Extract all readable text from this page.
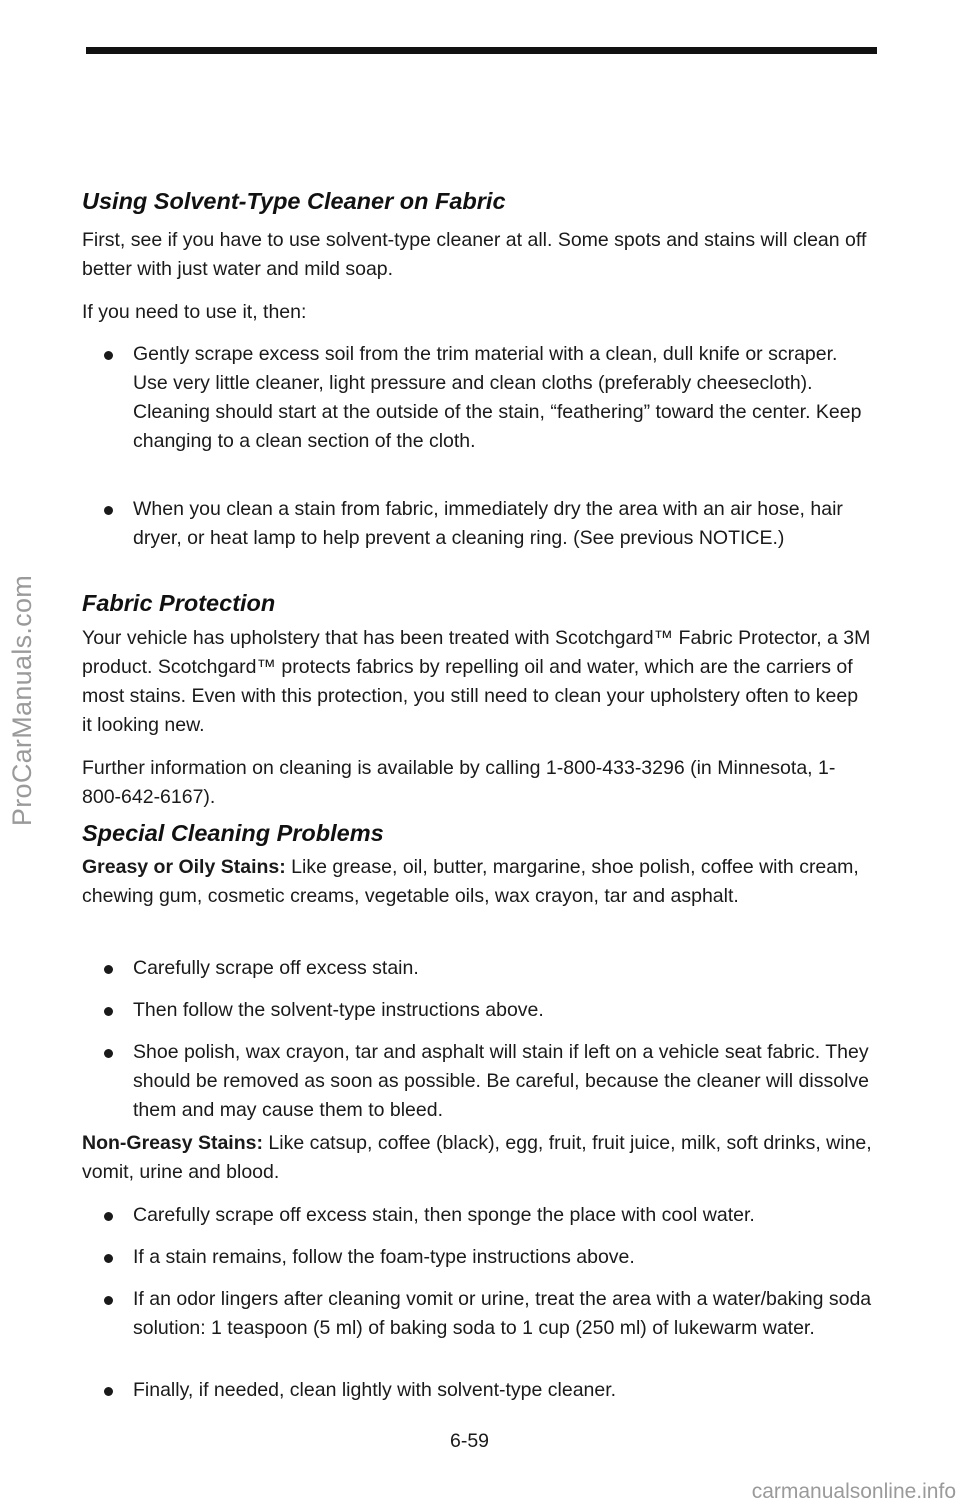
ProCarManuals.com
Using Solvent-Type Cleaner on Fabric
First, see if you have to use solvent-type cleaner at all. Some spots and stains will clean off better with just water and mild soap.
If you need to use it, then:
Gently scrape excess soil from the trim material with a clean, dull knife or scraper. Use very little cleaner, light pressure and clean cloths (preferably cheesecloth). Cleaning should start at the outside of the stain, “feathering” toward the center. Keep changing to a clean section of the cloth.
When you clean a stain from fabric, immediately dry the area with an air hose, hair dryer, or heat lamp to help prevent a cleaning ring. (See previous NOTICE.)
Fabric Protection
Your vehicle has upholstery that has been treated with Scotchgard™ Fabric Protector, a 3M product. Scotchgard™ protects fabrics by repelling oil and water, which are the carriers of most stains. Even with this protection, you still need to clean your upholstery often to keep it looking new.
Further information on cleaning is available by calling 1-800-433-3296 (in Minnesota, 1-800-642-6167).
Special Cleaning Problems
Greasy or Oily Stains: Like grease, oil, butter, margarine, shoe polish, coffee with cream, chewing gum, cosmetic creams, vegetable oils, wax crayon, tar and asphalt.
Carefully scrape off excess stain.
Then follow the solvent-type instructions above.
Shoe polish, wax crayon, tar and asphalt will stain if left on a vehicle seat fabric. They should be removed as soon as possible. Be careful, because the cleaner will dissolve them and may cause them to bleed.
Non-Greasy Stains: Like catsup, coffee (black), egg, fruit, fruit juice, milk, soft drinks, wine, vomit, urine and blood.
Carefully scrape off excess stain, then sponge the place with cool water.
If a stain remains, follow the foam-type instructions above.
If an odor lingers after cleaning vomit or urine, treat the area with a water/baking soda solution: 1 teaspoon (5 ml) of baking soda to 1 cup (250 ml) of lukewarm water.
Finally, if needed, clean lightly with solvent-type cleaner.
6-59
carmanualsonline.info
